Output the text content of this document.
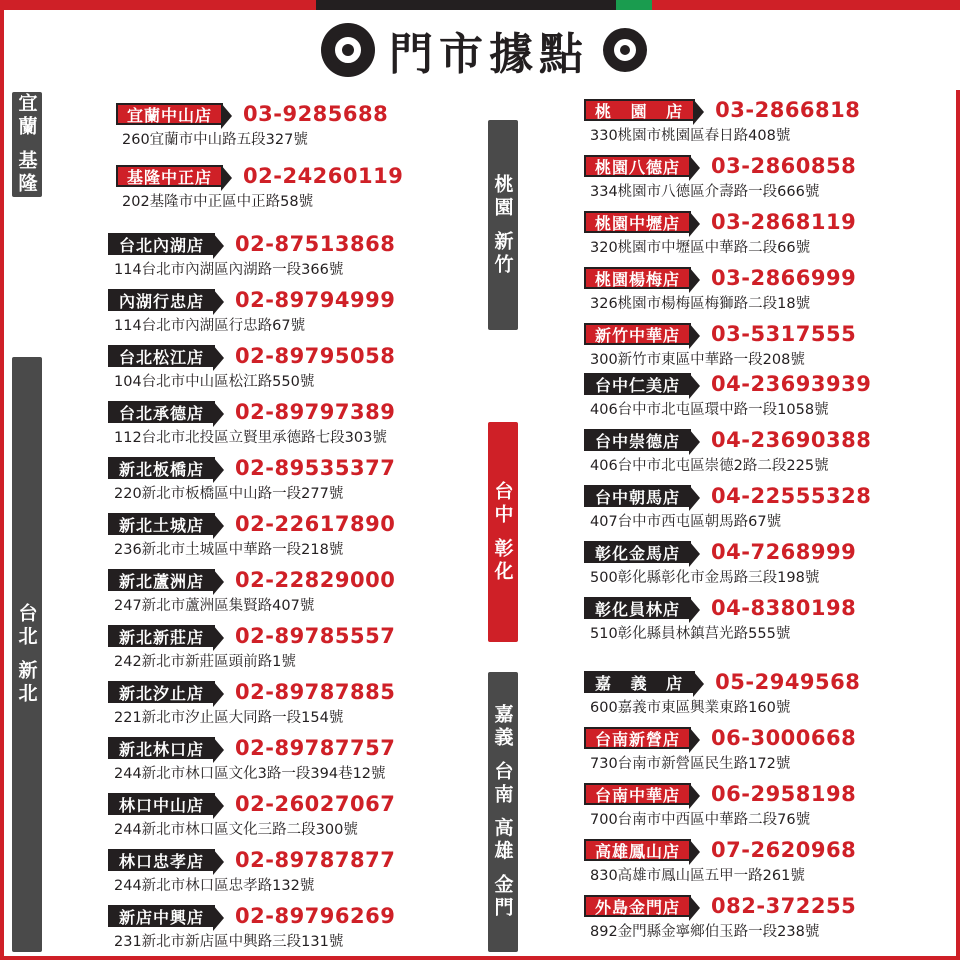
門市據點
宜蘭 基隆	宜蘭中山店	03-9285688
260宜蘭市中山路五段327號
基隆中正店	02-24260119
202基隆市中正區中正路58號
台北 新北
台北內湖店	02-87513868
114台北市內湖區內湖路一段366號
內湖行忠店	02-89794999
114台北市內湖區行忠路67號
台北松江店	02-89795058
104台北市中山區松江路550號
台北承德店	02-89797389
112台北市北投區立賢里承德路七段303號
新北板橋店	02-89535377
220新北市板橋區中山路一段277號
新北土城店	02-22617890
236新北市土城區中華路一段218號
新北蘆洲店	02-22829000
247新北市蘆洲區集賢路407號
新北新莊店	02-89785557
242新北市新莊區頭前路1號
新北汐止店	02-89787885
221新北市汐止區大同路一段154號
新北林口店	02-89787757
244新北市林口區文化3路一段394巷12號
林口中山店	02-26027067
244新北市林口區文化三路二段300號
林口忠孝店	02-89787877
244新北市林口區忠孝路132號
新店中興店	02-89796269
231新北市新店區中興路三段131號
桃園 新竹
桃 園 店 03-2866818
330桃園市桃園區春日路408號
桃園八德店	03-2860858
334桃園市八德區介壽路一段666號
桃園中壢店	03-2868119
320桃園市中壢區中華路二段66號
桃園楊梅店	03-2866999
326桃園市楊梅區梅獅路二段18號
新竹中華店	03-5317555
300新竹市東區中華路一段208號
台中 彰化
台中仁美店	04-23693939
406台中市北屯區環中路一段1058號
台中崇德店	04-23690388
406台中市北屯區崇德2路二段225號
台中朝馬店	04-22555328
407台中市西屯區朝馬路67號
彰化金馬店	04-7268999
500彰化縣彰化市金馬路三段198號
彰化員林店	04-8380198
510彰化縣員林鎮莒光路555號
嘉義 台南 高雄 金門
嘉 義 店 05-2949568
600嘉義市東區興業東路160號
台南新營店	06-3000668
730台南市新營區民生路172號
台南中華店	06-2958198
700台南市中西區中華路二段76號
高雄鳳山店	07-2620968
830高雄市鳳山區五甲一路261號
外島金門店	082-372255
892金門縣金寧鄉伯玉路一段238號
